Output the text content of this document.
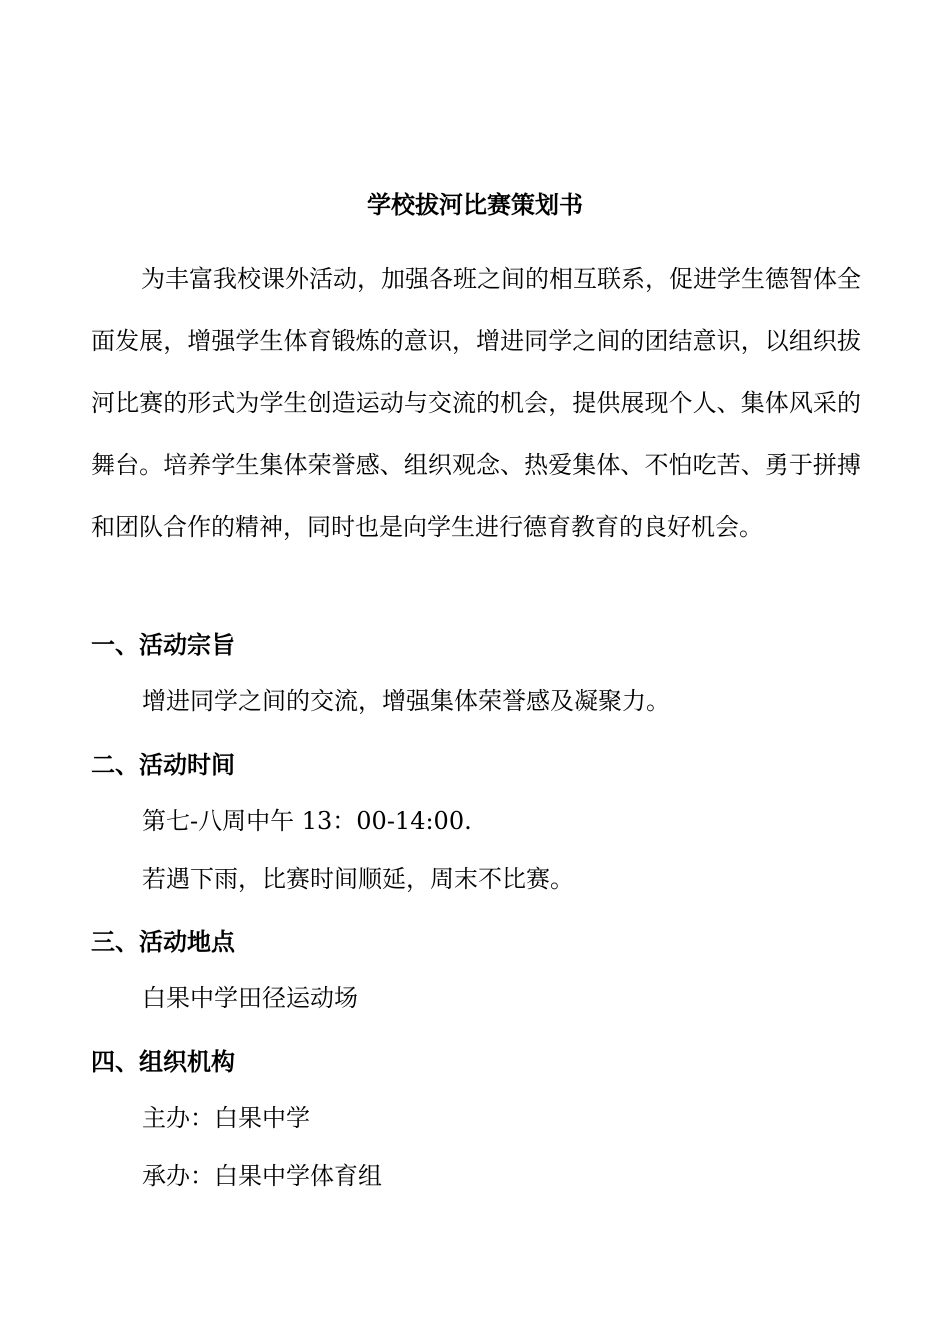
学校拔河比赛策划书

为丰富我校课外活动，加强各班之间的相互联系，促进学生德智体全面发展，增强学生体育锻炼的意识，增进同学之间的团结意识，以组织拔河比赛的形式为学生创造运动与交流的机会，提供展现个人、集体风采的舞台。培养学生集体荣誉感、组织观念、热爱集体、不怕吃苦、勇于拼搏和团队合作的精神，同时也是向学生进行德育教育的良好机会。

一、活动宗旨
增进同学之间的交流，增强集体荣誉感及凝聚力。
二、活动时间
第七-八周中午 13：00-14:00.
若遇下雨，比赛时间顺延，周末不比赛。
三、活动地点
白果中学田径运动场
四、组织机构
主办：白果中学
承办：白果中学体育组
